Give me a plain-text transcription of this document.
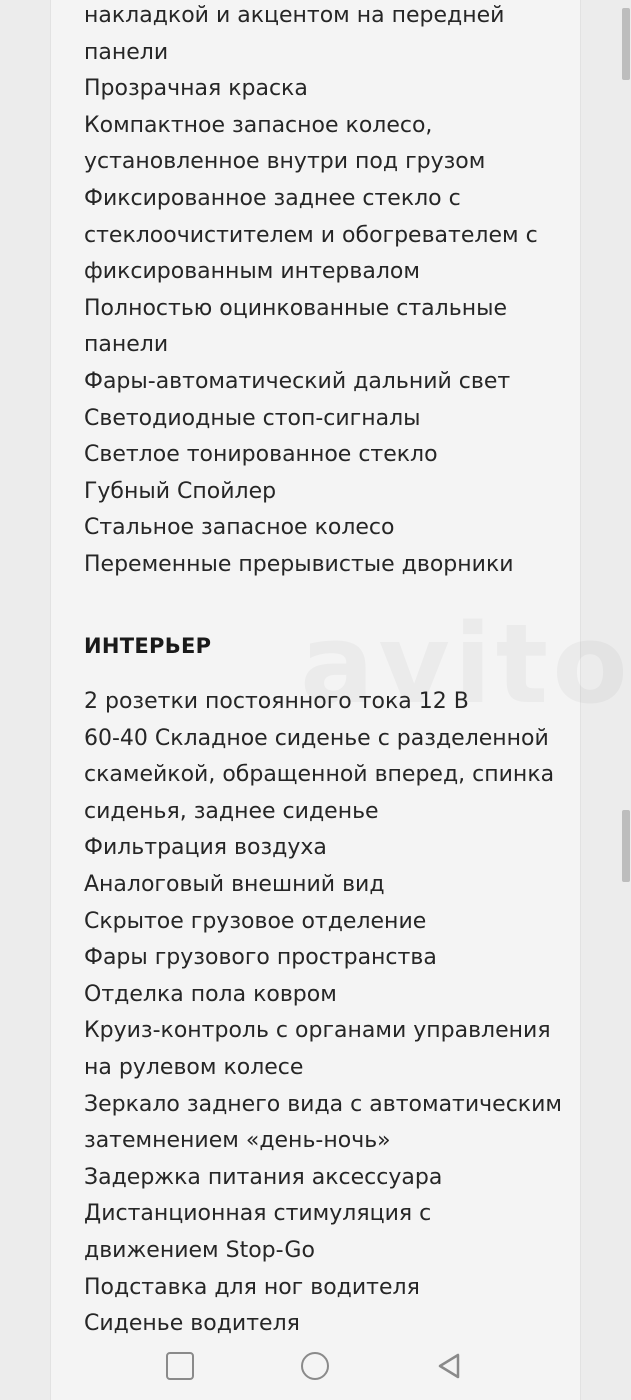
накладкой и акцентом на передней панели
Прозрачная краска
Компактное запасное колесо, установленное внутри под грузом
Фиксированное заднее стекло с стеклоочистителем и обогревателем с фиксированным интервалом
Полностью оцинкованные стальные панели
Фары-автоматический дальний свет
Светодиодные стоп-сигналы
Светлое тонированное стекло
Губный Спойлер
Стальное запасное колесо
Переменные прерывистые дворники
ИНТЕРЬЕР
2 розетки постоянного тока 12 В
60-40 Складное сиденье с разделенной скамейкой, обращенной вперед, спинка сиденья, заднее сиденье
Фильтрация воздуха
Аналоговый внешний вид
Скрытое грузовое отделение
Фары грузового пространства
Отделка пола ковром
Круиз-контроль с органами управления на рулевом колесе
Зеркало заднего вида с автоматическим затемнением «день-ночь»
Задержка питания аксессуара
Дистанционная стимуляция с движением Stop-Go
Подставка для ног водителя
Сиденье водителя
